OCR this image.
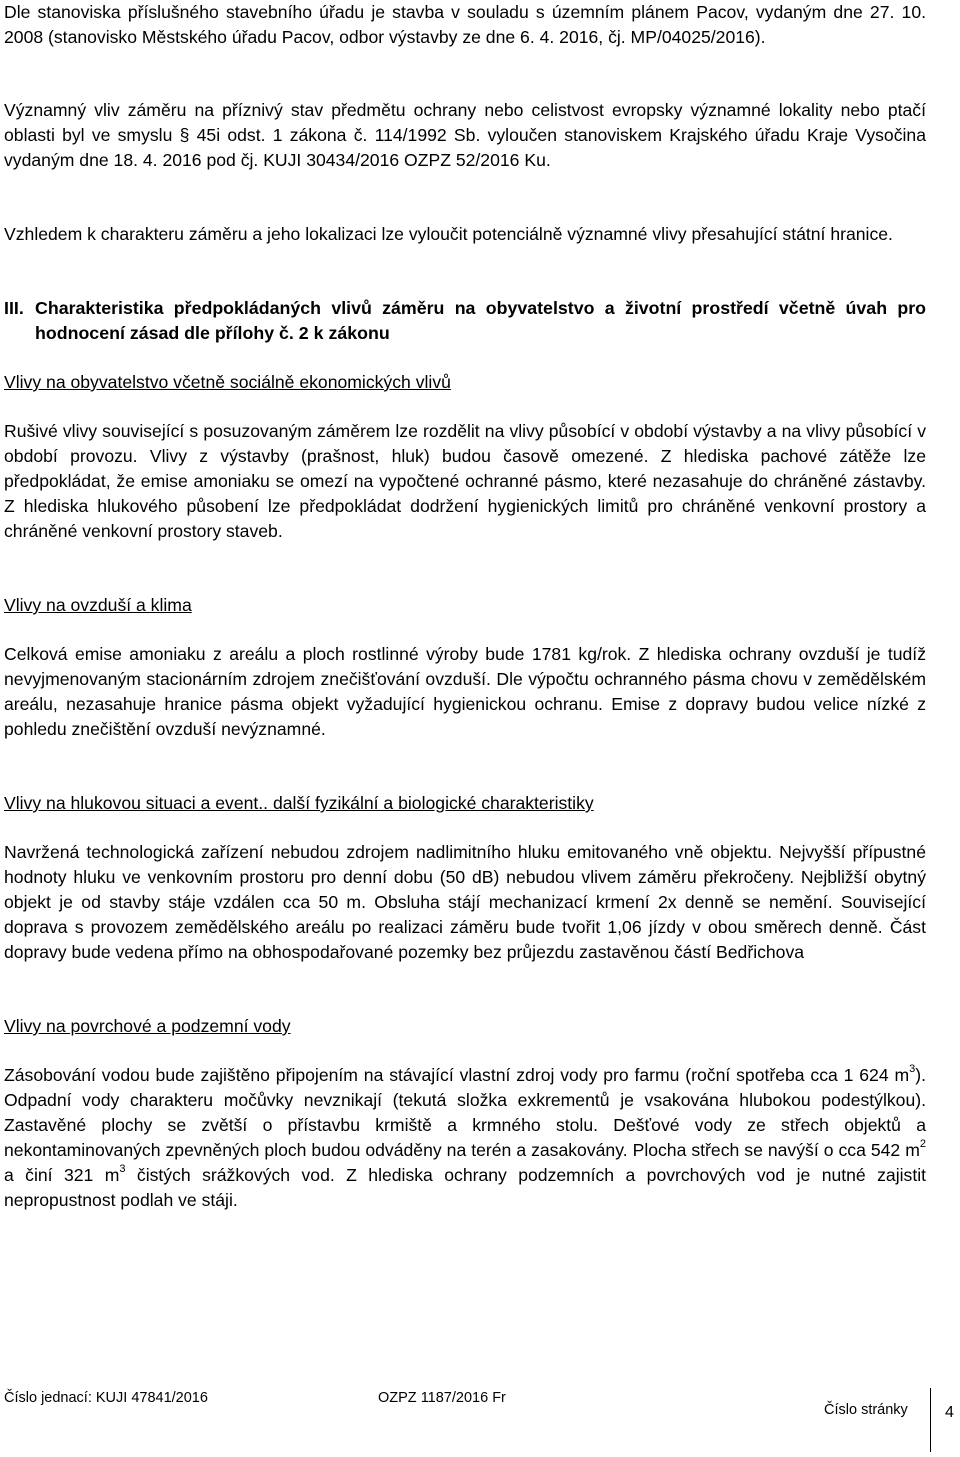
Dle stanoviska příslušného stavebního úřadu je stavba v souladu s územním plánem Pacov, vydaným dne 27. 10. 2008 (stanovisko Městského úřadu Pacov, odbor výstavby ze dne 6. 4. 2016, čj. MP/04025/2016).

Významný vliv záměru na příznivý stav předmětu ochrany nebo celistvost evropsky významné lokality nebo ptačí oblasti byl ve smyslu § 45i odst. 1 zákona č. 114/1992 Sb. vyloučen stanoviskem Krajského úřadu Kraje Vysočina vydaným dne 18. 4. 2016 pod čj. KUJI 30434/2016 OZPZ 52/2016 Ku.

Vzhledem k charakteru záměru a jeho lokalizaci lze vyloučit potenciálně významné vlivy přesahující státní hranice.

III. Charakteristika předpokládaných vlivů záměru na obyvatelstvo a životní prostředí včetně úvah pro hodnocení zásad dle přílohy č. 2 k zákonu

Vlivy na obyvatelstvo včetně sociálně ekonomických vlivů

Rušivé vlivy související s posuzovaným záměrem lze rozdělit na vlivy působící v období výstavby a na vlivy působící v období provozu. Vlivy z výstavby (prašnost, hluk) budou časově omezené. Z hlediska pachové zátěže lze předpokládat, že emise amoniaku se omezí na vypočtené ochranné pásmo, které nezasahuje do chráněné zástavby. Z hlediska hlukového působení lze předpokládat dodržení hygienických limitů pro chráněné venkovní prostory a chráněné venkovní prostory staveb.

Vlivy na ovzduší a klima

Celková emise amoniaku z areálu a ploch rostlinné výroby bude 1781 kg/rok. Z hlediska ochrany ovzduší je tudíž nevyjmenovaným stacionárním zdrojem znečišťování ovzduší. Dle výpočtu ochranného pásma chovu v zemědělském areálu, nezasahuje hranice pásma objekt vyžadující hygienickou ochranu. Emise z dopravy budou velice nízké z pohledu znečištění ovzduší nevýznamné.

Vlivy na hlukovou situaci a event.. další fyzikální a biologické charakteristiky

Navržená technologická zařízení nebudou zdrojem nadlimitního hluku emitovaného vně objektu. Nejvyšší přípustné hodnoty hluku ve venkovním prostoru pro denní dobu (50 dB) nebudou vlivem záměru překročeny. Nejbližší obytný objekt je od stavby stáje vzdálen cca 50 m. Obsluha stájí mechanizací krmení 2x denně se nemění. Související doprava s provozem zemědělského areálu po realizaci záměru bude tvořit 1,06 jízdy v obou směrech denně. Část dopravy bude vedena přímo na obhospodařované pozemky bez průjezdu zastavěnou částí Bedřichova

Vlivy na povrchové a podzemní vody

Zásobování vodou bude zajištěno připojením na stávající vlastní zdroj vody pro farmu (roční spotřeba cca 1 624 $m^3$). Odpadní vody charakteru močůvky nevznikají (tekutá složka exkrementů je vsakována hlubokou podestýlkou). Zastavěné plochy se zvětší o přístavbu krmiště a krmného stolu. Dešťové vody ze střech objektů a nekontaminovaných zpevněných ploch budou odváděny na terén a zasakovány. Plocha střech se navýší o cca 542 $m^2$ a činí 321 $m^3$ čistých srážkových vod. Z hlediska ochrany podzemních a povrchových vod je nutné zajistit nepropustnost podlah ve stáji.

Číslo jednací: KUJI 47841/2016	OZPZ 1187/2016 Fr
Číslo stránky 4
